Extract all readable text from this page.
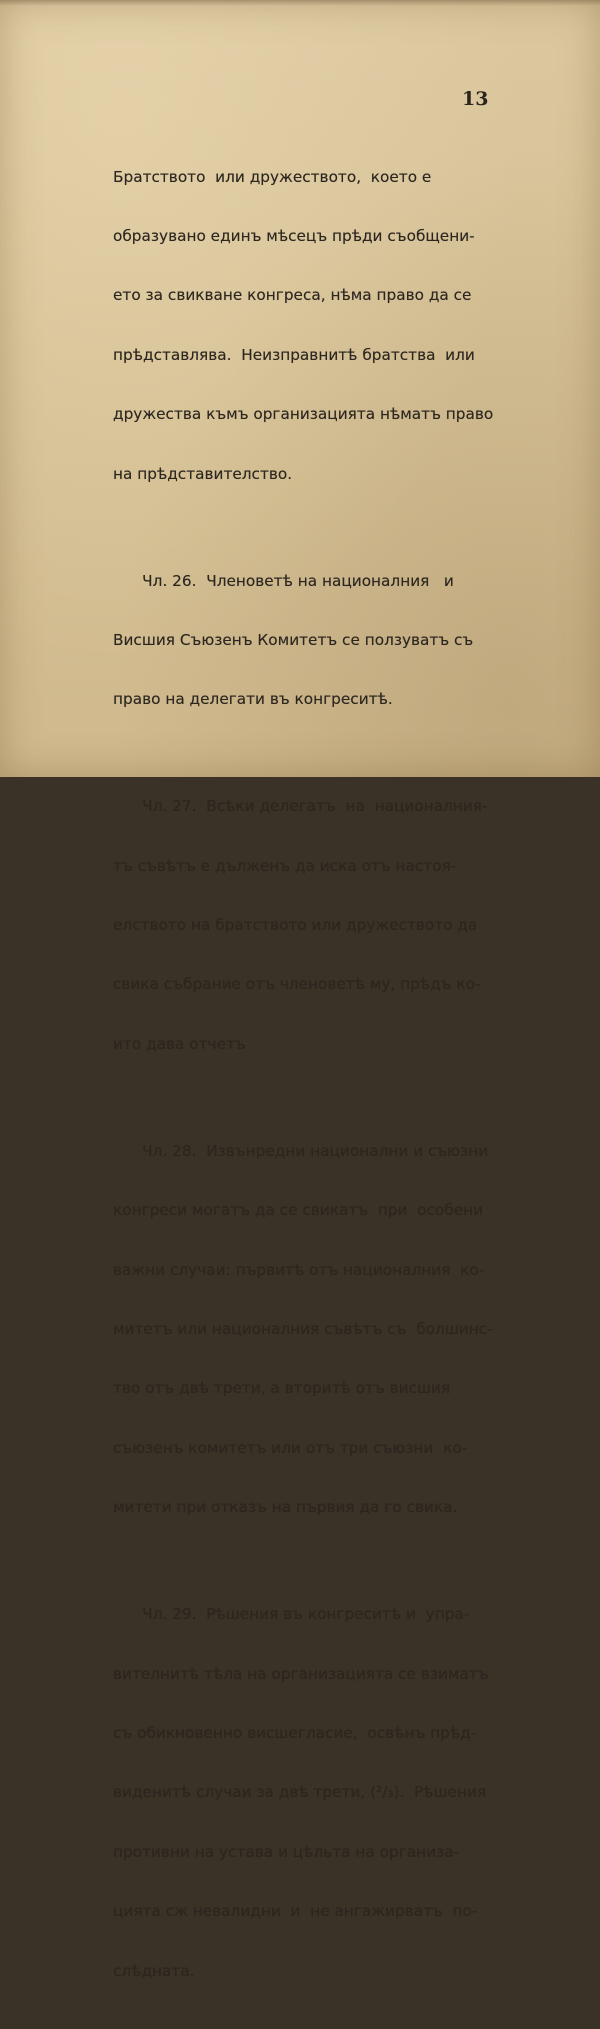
13

Братството  или дружеството,  което е

образувано единъ мѣсецъ прѣди съобщени-

ето за свикване конгреса, нѣма право да се

прѣдставлява.  Неизправнитѣ братства  или

дружества къмъ организацията нѣматъ право

на прѣдставителство.

Чл. 26.  Членоветѣ на националния   и

Висшия Съюзенъ Комитетъ се ползуватъ съ

право на делегати въ конгреситѣ.

Чл. 27.  Всѣки делегатъ  на  националния-

тъ съвѣтъ е дълженъ да иска отъ настоя-

елството на братството или дружеството да

свика събрание отъ членоветѣ му, прѣдъ ко-

ито дава отчетъ

Чл. 28.  Извънредни национални и съюзни

конгреси могатъ да се свикатъ  при  особени

важни случаи: първитѣ отъ националния  ко-

митетъ или националния съвѣтъ съ  болшинс-

тво отъ двѣ трети, а вторитѣ отъ висшия

съюзенъ комитетъ или отъ три съюзни  ко-

митети при отказъ на първия да го свика.

Чл. 29.  Рѣшения въ конгреситѣ и  упра-

вителнитѣ тѣла на организацията се взиматъ

съ обикновенно висшегласие,  освѣнъ прѣд-

виденитѣ случаи за двѣ трети, (²/₃).  Рѣшения

противни на устава и цѣльта на организа-

цията сж невалидни  и  не ангажирватъ  по-

слѣдната.
